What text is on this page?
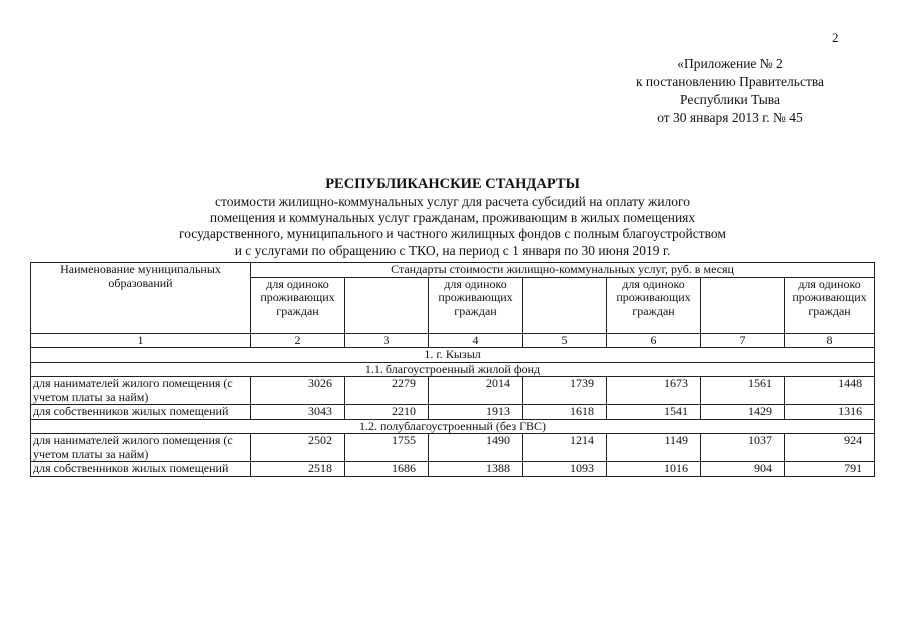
2
«Приложение № 2
к постановлению Правительства
Республики Тыва
от 30 января 2013 г. № 45
РЕСПУБЛИКАНСКИЕ СТАНДАРТЫ
стоимости жилищно-коммунальных услуг для расчета субсидий на оплату жилого
помещения и коммунальных услуг гражданам, проживающим в жилых помещениях
государственного, муниципального и частного жилищных фондов с полным благоустройством
и с услугами по обращению с ТКО, на период с 1 января по 30 июня 2019 г.
Наименование муниципальных образований	Стандарты стоимости жилищно-коммунальных услуг, руб. в месяц						
	для одиноко проживающих граждан		для одиноко проживающих граждан		для одиноко проживающих граждан		для одиноко проживающих граждан
1	2	3	4	5	6	7	8
1. г. Кызыл							
1.1. благоустроенный жилой фонд							
для нанимателей жилого помещения (с учетом платы за найм)	3026	2279	2014	1739	1673	1561	1448
для собственников жилых помещений	3043	2210	1913	1618	1541	1429	1316
1.2. полублагоустроенный (без ГВС)							
для нанимателей жилого помещения (с учетом платы за найм)	2502	1755	1490	1214	1149	1037	924
для собственников жилых помещений	2518	1686	1388	1093	1016	904	791
